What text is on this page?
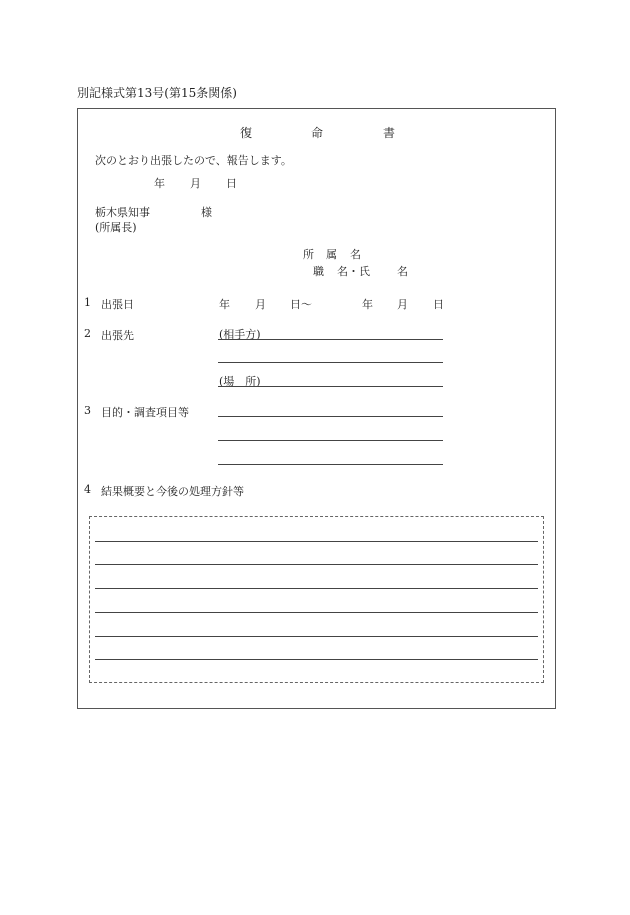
別記様式第13号(第15条関係)
復	命	書
次のとおり出張したので、報告します。
年 月 日
栃木県知事	様
(所属長)
所 属 名
職 名・氏 名
1 出張日	年 月 日〜	年 月 日
2 出張先	(相手方)
(場　所)
3 目的・調査項目等
4 結果概要と今後の処理方針等
